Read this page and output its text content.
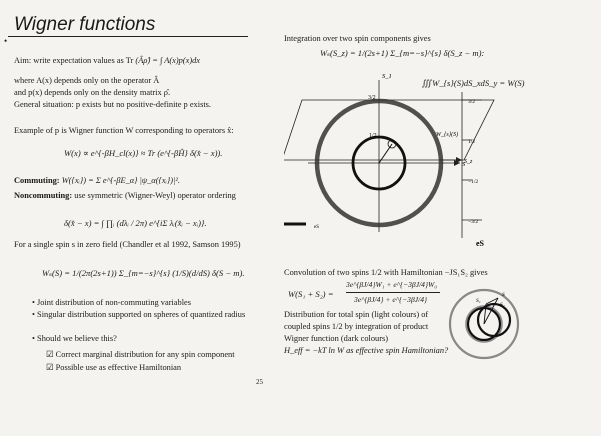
Wigner functions
•
Aim: write expectation values as Tr (Âρ̂) = ∫ A(x)p(x)dx
where A(x) depends only on the operator Â
and p(x) depends only on the density matrix ρ̂.
General situation: p exists but no positive-definite p exists.
Example of p is Wigner function W corresponding to operators x̂:
W(x) ∝ e^{-βH_cl(x)} ≈ Tr (e^{-βĤ} δ(x̂ − x)).
Commuting: W({xᵢ}) = Σ e^{-βE_α} |ψ_α({xᵢ})|².
Noncommuting: use symmetric (Wigner-Weyl) operator ordering
δ(x̂ − x) = ∫ ∏ᵢ (dλᵢ / 2π) e^{iΣ λᵢ(x̂ᵢ − xᵢ)}.
For a single spin s in zero field (Chandler et al 1992, Samson 1995)
Wₛ(S) = 1/(2π(2s+1)) Σ_{m=−s}^{s} (1/S)(d/dS) δ(S − m).
• Joint distribution of non-commuting variables
• Singular distribution supported on spheres of quantized radius
• Should we believe this?
☑ Correct marginal distribution for any spin component
☑ Possible use as effective Hamiltonian
25
Integration over two spin components gives
Wₛ(S_z) = 1/(2s+1) Σ_{m=−s}^{s} δ(S_z − m):
S_1
3/2
1/2
S
eS
∭W_{s}(S)dS_xdS_y = W(S)
3/2
1/2
−1/2
−3/2
W_{s}(S)
S_z
eS
Convolution of two spins 1/2 with Hamiltonian −JS₁S₂ gives
W(S₁ + S₂) =
3e^{βJ/4}W₁ + e^{−3βJ/4}W₀
3e^{βJ/4} + e^{−3βJ/4}
Distribution for total spin (light colours) of
coupled spins 1/2 by integration of product
Wigner function (dark colours)
H_eff = −kT ln W as effective spin Hamiltonian?
S₁
S₂
S
